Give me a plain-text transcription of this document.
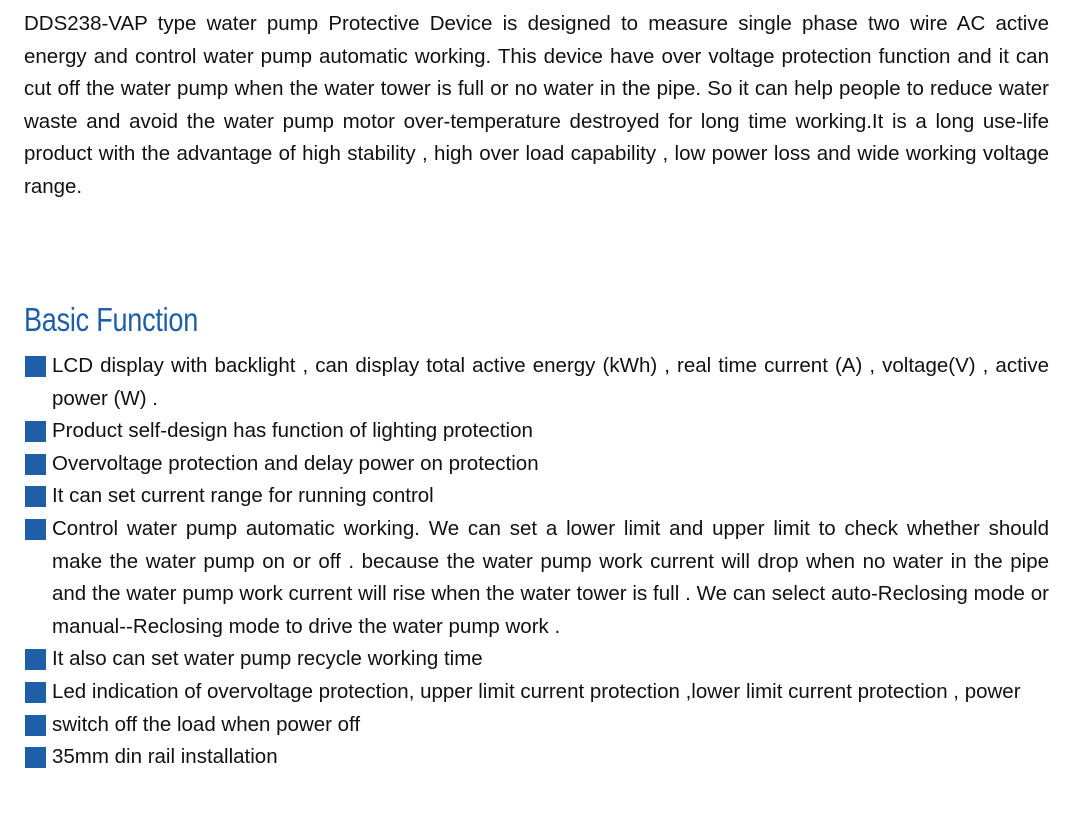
DDS238-VAP type water pump Protective Device is designed to measure single phase two wire AC active energy and control water pump automatic working. This device have over voltage protection function and it can cut off the water pump when the water tower is full or no water in the pipe. So it can help people to reduce water waste and avoid the water pump motor over-temperature destroyed for long time working.It is a long use-life product with the advantage of high stability , high over load capability , low power loss and wide working voltage range.

Basic Function
LCD display with backlight , can display total active energy (kWh) , real time current (A) , voltage(V) , active power (W) .
Product self-design has function of lighting protection
Overvoltage protection and delay power on protection
It can set current range for running control
Control water pump automatic working. We can set a lower limit and upper limit to check whether should make the water pump on or off . because the water pump work current will drop when no water in the pipe and the water pump work current will rise when the water tower is full . We can select auto-Reclosing mode or manual--Reclosing mode to drive the water pump work .
It also can set water pump recycle working time
Led indication of overvoltage protection, upper limit current protection ,lower limit current protection , power
switch off the load when power off
35mm din rail installation
